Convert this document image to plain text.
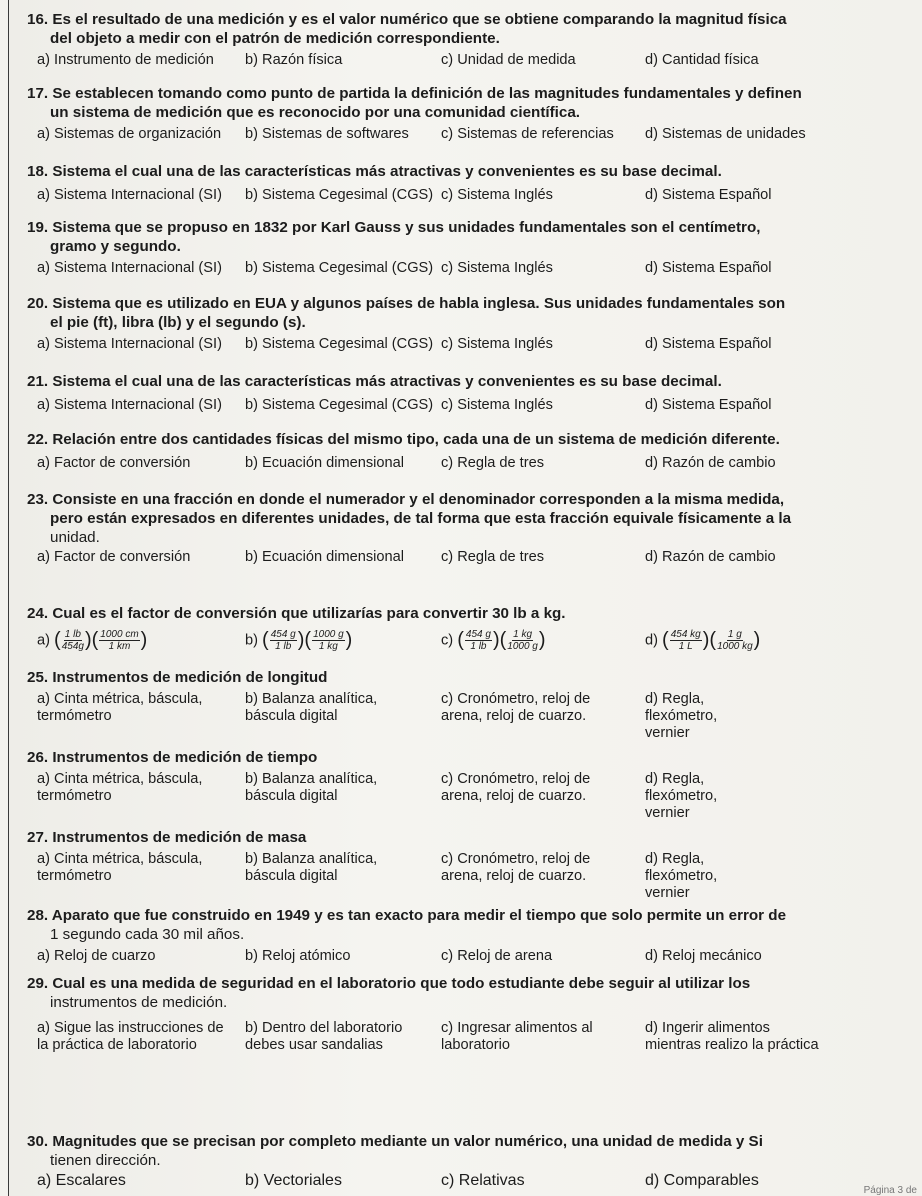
16. Es el resultado de una medición y es el valor numérico que se obtiene comparando la magnitud física
del objeto a medir con el patrón de medición correspondiente.
a) Instrumento de medición b) Razón física	c) Unidad de medida	d) Cantidad física
17. Se establecen tomando como punto de partida la definición de las magnitudes fundamentales y definen
un sistema de medición que es reconocido por una comunidad científica.
a) Sistemas de organización b) Sistemas de softwares c) Sistemas de referencias d) Sistemas de unidades
18. Sistema el cual una de las características más atractivas y convenientes es su base decimal.
a) Sistema Internacional (SI) b) Sistema Cegesimal (CGS) c) Sistema Inglés	d) Sistema Español
19. Sistema que se propuso en 1832 por Karl Gauss y sus unidades fundamentales son el centímetro,
gramo y segundo.
a) Sistema Internacional (SI) b) Sistema Cegesimal (CGS) c) Sistema Inglés	d) Sistema Español
20. Sistema que es utilizado en EUA y algunos países de habla inglesa. Sus unidades fundamentales son
el pie (ft), libra (lb) y el segundo (s).
a) Sistema Internacional (SI) b) Sistema Cegesimal (CGS) c) Sistema Inglés	d) Sistema Español
21. Sistema el cual una de las características más atractivas y convenientes es su base decimal.
a) Sistema Internacional (SI) b) Sistema Cegesimal (CGS) c) Sistema Inglés	d) Sistema Español
22. Relación entre dos cantidades físicas del mismo tipo, cada una de un sistema de medición diferente.
a) Factor de conversión	b) Ecuación dimensional	c) Regla de tres	d) Razón de cambio
23. Consiste en una fracción en donde el numerador y el denominador corresponden a la misma medida,
pero están expresados en diferentes unidades, de tal forma que esta fracción equivale físicamente a la
unidad.
a) Factor de conversión	b) Ecuación dimensional	c) Regla de tres	d) Razón de cambio
24. Cual es el factor de conversión que utilizarías para convertir 30 lb a kg.
a) ( $\frac{1 lb}{454g}$ )( $\frac{1000 cm}{1 km}$ )	b) ( $\frac{454 g}{1 lb}$ )( $\frac{1000 g}{1 kg}$ )	c) ( $\frac{454 g}{1 lb}$ )( $\frac{1 kg}{1000 g}$ )	d) ( $\frac{454 kg}{1 L}$ )( $\frac{1 g}{1000 kg}$ )
25. Instrumentos de medición de longitud
a) Cinta métrica, báscula, termómetro
b) Balanza analítica, báscula digital
c) Cronómetro, reloj de arena, reloj de cuarzo.
d) Regla, flexómetro, vernier
26. Instrumentos de medición de tiempo
a) Cinta métrica, báscula, termómetro
b) Balanza analítica, báscula digital
c) Cronómetro, reloj de arena, reloj de cuarzo.
d) Regla, flexómetro, vernier
27. Instrumentos de medición de masa
a) Cinta métrica, báscula, termómetro
b) Balanza analítica, báscula digital
c) Cronómetro, reloj de arena, reloj de cuarzo.
d) Regla, flexómetro, vernier
28. Aparato que fue construido en 1949 y es tan exacto para medir el tiempo que solo permite un error de
1 segundo cada 30 mil años.
a) Reloj de cuarzo	b) Reloj atómico	c) Reloj de arena	d) Reloj mecánico
29. Cual es una medida de seguridad en el laboratorio que todo estudiante debe seguir al utilizar los
instrumentos de medición.
a) Sigue las instrucciones de la práctica de laboratorio
b) Dentro del laboratorio debes usar sandalias
c) Ingresar alimentos al laboratorio
d) Ingerir alimentos mientras realizo la práctica
30. Magnitudes que se precisan por completo mediante un valor numérico, una unidad de medida y Si
tienen dirección.
a) Escalares	b) Vectoriales	c) Relativas	d) Comparables
Página 3 de
